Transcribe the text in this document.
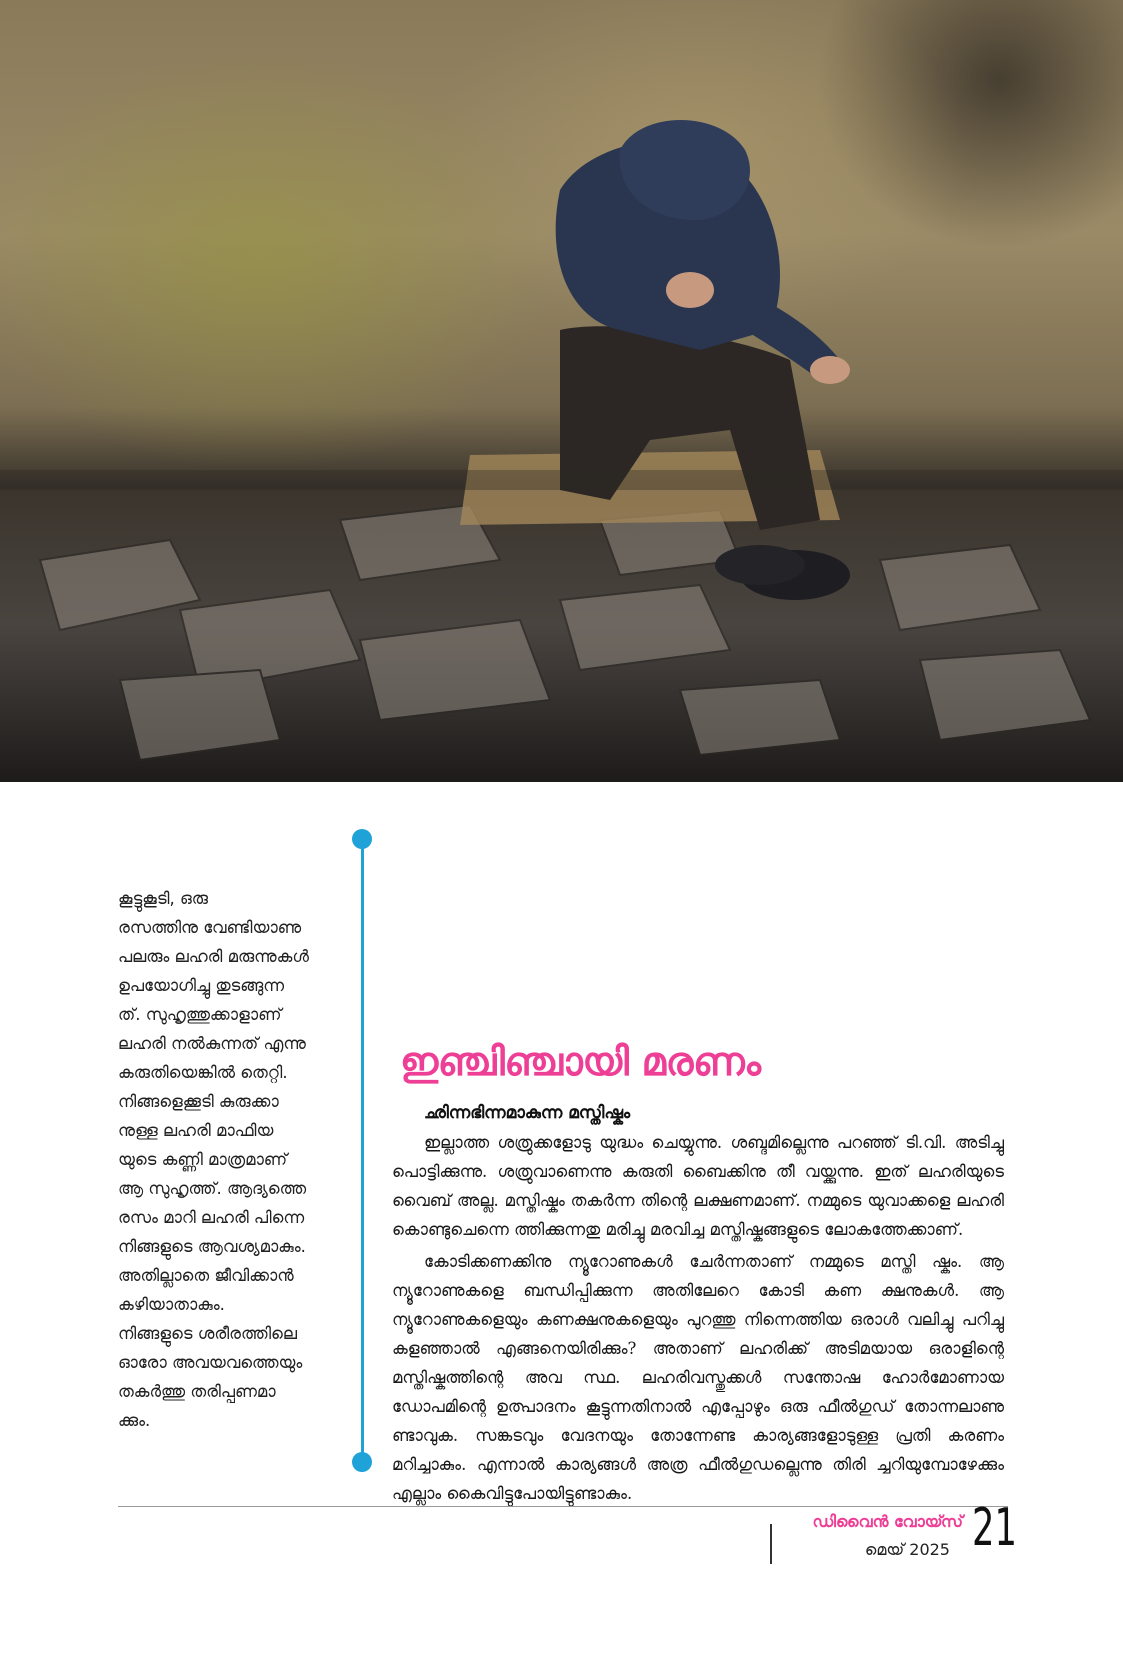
കൂട്ടുകൂടി, ഒരു
രസത്തിനു വേണ്ടിയാണു
പലരും ലഹരി മരുന്നുകൾ
ഉപയോഗിച്ചു തുടങ്ങുന്ന
ത്. സുഹൃത്തുക്കാളാണ്
ലഹരി നൽകുന്നത് എന്നു
കരുതിയെങ്കിൽ തെറ്റി.
നിങ്ങളെക്കൂടി കുരുക്കാ
നുള്ള ലഹരി മാഫിയ
യുടെ കണ്ണി മാത്രമാണ്
ആ സുഹൃത്ത്. ആദ്യത്തെ
രസം മാറി ലഹരി പിന്നെ
നിങ്ങളുടെ ആവശ്യമാകും.
അതില്ലാതെ ജീവിക്കാൻ
കഴിയാതാകും.
നിങ്ങളുടെ ശരീരത്തിലെ
ഓരോ അവയവത്തെയും
തകർത്തു തരിപ്പണമാ
ക്കും.
ഇഞ്ചിഞ്ചായി മരണം
ഛിന്നഭിന്നമാകുന്ന മസ്തിഷ്കം

ഇല്ലാത്ത ശത്രുക്കളോടു യുദ്ധം ചെയ്യുന്നു. ശബ്ദമില്ലെന്നു പറഞ്ഞ് ടി.വി. അടിച്ചു പൊട്ടിക്കുന്നു. ശത്രുവാണെന്നു കരുതി ബൈക്കിനു തീ വയ്ക്കുന്നു. ഇത് ലഹരിയുടെ വൈബ് അല്ല. മസ്തിഷ്കം തകർന്ന തിന്റെ ലക്ഷണമാണ്. നമ്മുടെ യുവാക്കളെ ലഹരി കൊണ്ടുചെന്നെ ത്തിക്കുന്നതു മരിച്ചു മരവിച്ച മസ്തിഷ്കങ്ങളുടെ ലോകത്തേക്കാണ്.

കോടിക്കണക്കിനു ന്യൂറോണുകൾ ചേർന്നതാണ് നമ്മുടെ മസ്തി ഷ്കം. ആ ന്യൂറോണുകളെ ബന്ധിപ്പിക്കുന്ന അതിലേറെ കോടി കണ ക്ഷനുകൾ. ആ ന്യൂറോണുകളെയും കണക്ഷനുകളെയും പുറത്തു നിന്നെത്തിയ ഒരാൾ വലിച്ചു പറിച്ചു കളഞ്ഞാൽ എങ്ങനെയിരിക്കും? അതാണ് ലഹരിക്ക് അടിമയായ ഒരാളിന്റെ മസ്തിഷ്കത്തിന്റെ അവ സ്ഥ. ലഹരിവസ്തുക്കൾ സന്തോഷ ഹോർമോണായ ഡോപമിന്റെ ഉത്പാദനം കൂട്ടുന്നതിനാൽ എപ്പോഴും ഒരു ഫീൽഗുഡ് തോന്നലാണു ണ്ടാവുക. സങ്കടവും വേദനയും തോന്നേണ്ട കാര്യങ്ങളോടുള്ള പ്രതി കരണം മറിച്ചാകും. എന്നാൽ കാര്യങ്ങൾ അത്ര ഫീൽഗുഡല്ലെന്നു തിരി ച്ചറിയുമ്പോഴേക്കും എല്ലാം കൈവിട്ടുപോയിട്ടുണ്ടാകും.

ഡിവൈൻ വോയ്സ്
മെയ് 2025 21
